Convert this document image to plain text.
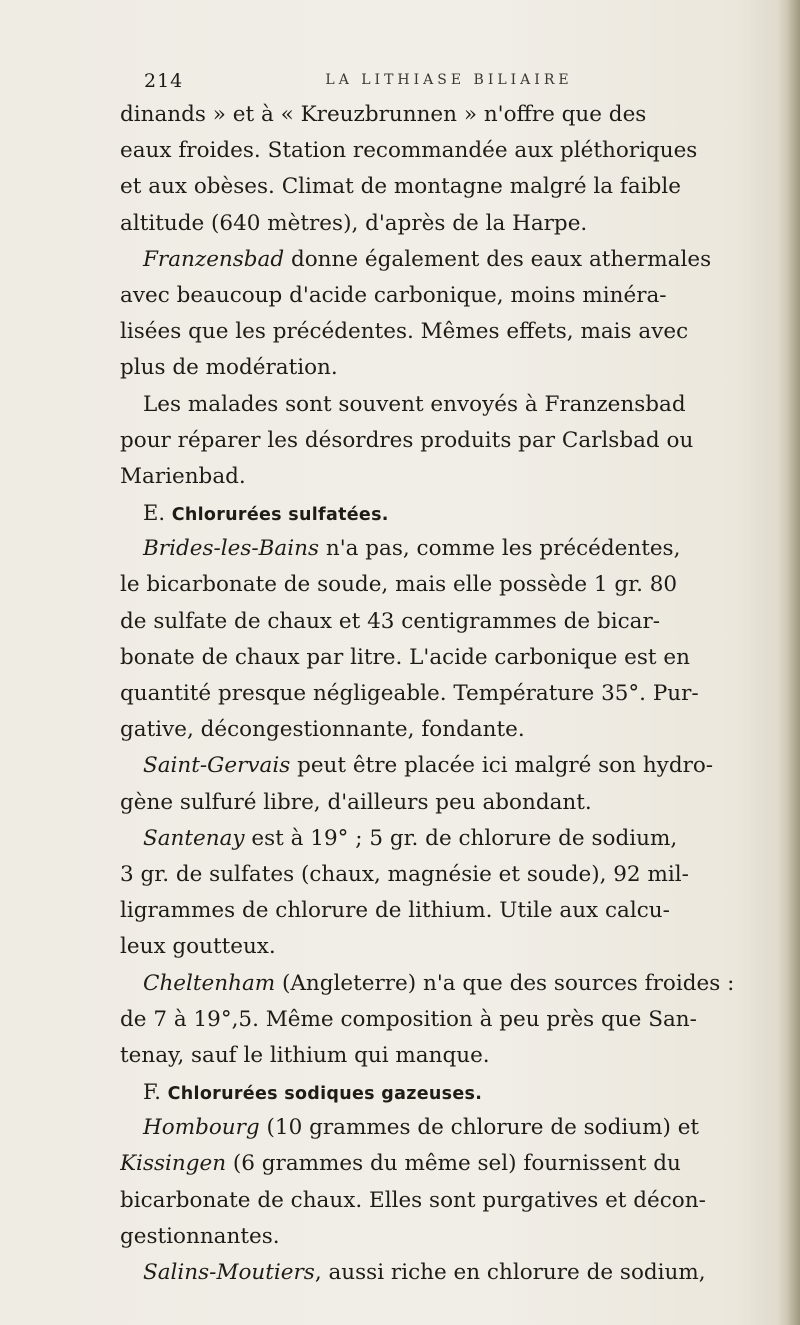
214	LA LITHIASE BILIAIRE
dinands » et à « Kreuzbrunnen » n'offre que des
eaux froides. Station recommandée aux pléthoriques
et aux obèses. Climat de montagne malgré la faible
altitude (640 mètres), d'après de la Harpe.
Franzensbad donne également des eaux athermales
avec beaucoup d'acide carbonique, moins minéra-
lisées que les précédentes. Mêmes effets, mais avec
plus de modération.
Les malades sont souvent envoyés à Franzensbad
pour réparer les désordres produits par Carlsbad ou
Marienbad.
E. Chlorurées sulfatées.
Brides-les-Bains n'a pas, comme les précédentes,
le bicarbonate de soude, mais elle possède 1 gr. 80
de sulfate de chaux et 43 centigrammes de bicar-
bonate de chaux par litre. L'acide carbonique est en
quantité presque négligeable. Température 35°. Pur-
gative, décongestionnante, fondante.
Saint-Gervais peut être placée ici malgré son hydro-
gène sulfuré libre, d'ailleurs peu abondant.
Santenay est à 19° ; 5 gr. de chlorure de sodium,
3 gr. de sulfates (chaux, magnésie et soude), 92 mil-
ligrammes de chlorure de lithium. Utile aux calcu-
leux goutteux.
Cheltenham (Angleterre) n'a que des sources froides :
de 7 à 19°,5. Même composition à peu près que San-
tenay, sauf le lithium qui manque.
F. Chlorurées sodiques gazeuses.
Hombourg (10 grammes de chlorure de sodium) et
Kissingen (6 grammes du même sel) fournissent du
bicarbonate de chaux. Elles sont purgatives et décon-
gestionnantes.
Salins-Moutiers, aussi riche en chlorure de sodium,
